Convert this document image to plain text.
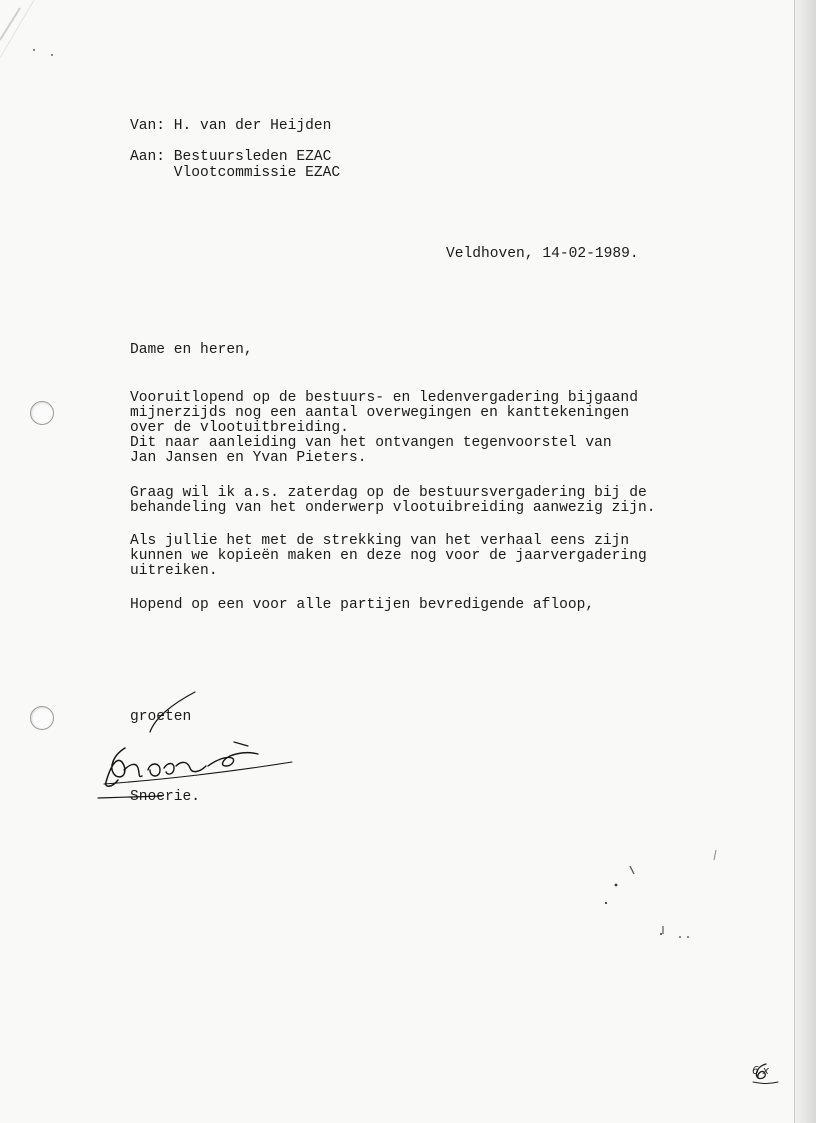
Van: H. van der Heijden
Aan: Bestuursleden EZAC
Vlootcommissie EZAC
Veldhoven, 14-02-1989.
Dame en heren,
Vooruitlopend op de bestuurs- en ledenvergadering bijgaand
mijnerzijds nog een aantal overwegingen en kanttekeningen
over de vlootuitbreiding.
Dit naar aanleiding van het ontvangen tegenvoorstel van
Jan Jansen en Yvan Pieters.
Graag wil ik a.s. zaterdag op de bestuursvergadering bij de
behandeling van het onderwerp vlootuibreiding aanwezig zijn.
Als jullie het met de strekking van het verhaal eens zijn
kunnen we kopieën maken en deze nog voor de jaarvergadering
uitreiken.
Hopend op een voor alle partijen bevredigende afloop,
groeten
Snoerie.
6 x
